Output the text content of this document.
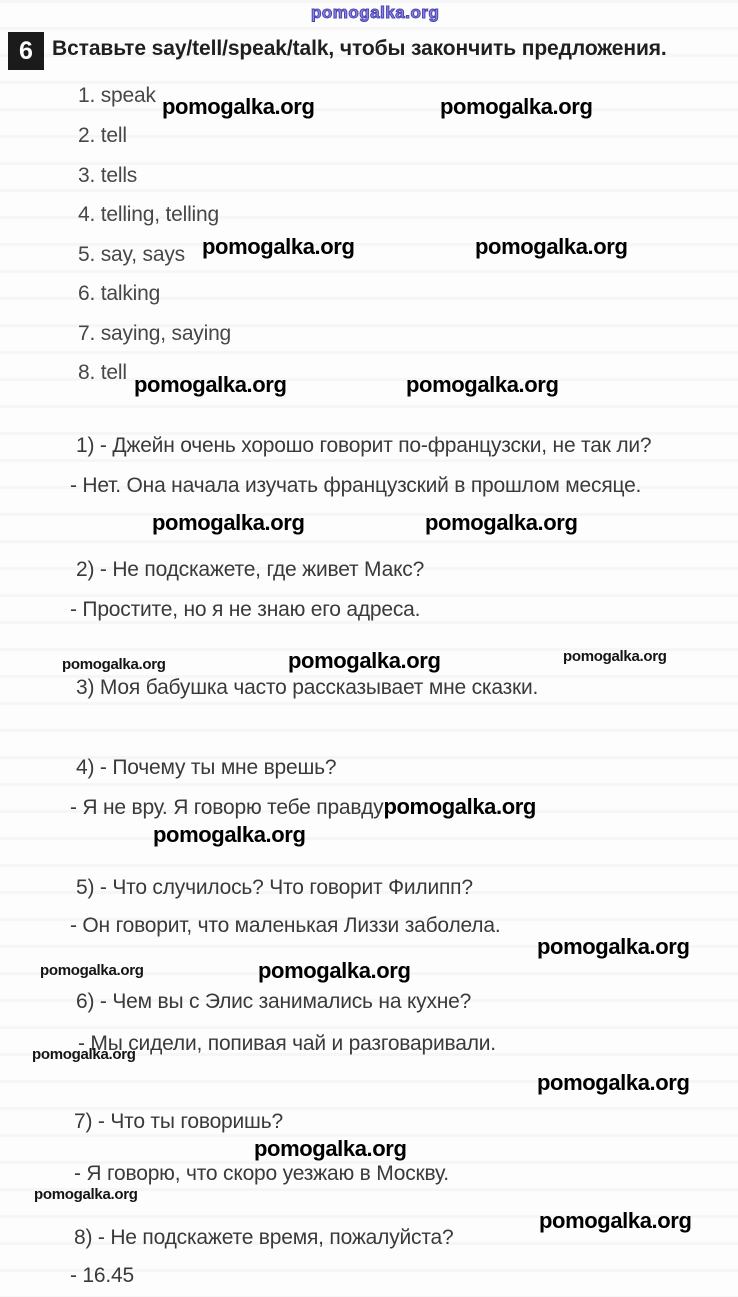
pomogalka.org
6 Вставьте say/tell/speak/talk, чтобы закончить предложения.
1. speak
2. tell
3. tells
4. telling, telling
5. say, says
6. talking
7. saying, saying
8. tell
pomogalka.org	pomogalka.org
pomogalka.org	pomogalka.org
pomogalka.org	pomogalka.org
1) - Джейн очень хорошо говорит по-французски, не так ли?
- Нет. Она начала изучать французский в прошлом месяце.
pomogalka.org	pomogalka.org
2) - Не подскажете, где живет Макс?
- Простите, но я не знаю его адреса.
pomogalka.org	pomogalka.org	pomogalka.org
3) Моя бабушка часто рассказывает мне сказки.
4) - Почему ты мне врешь?
- Я не вру. Я говорю тебе правдуpomogalka.org
pomogalka.org
5) - Что случилось? Что говорит Филипп?
- Он говорит, что маленькая Лиззи заболела.
pomogalka.org
pomogalka.org	pomogalka.org
6) - Чем вы с Элис занимались на кухне?
- Мы сидели, попивая чай и разговаривали.
pomogalka.org
pomogalka.org
7) - Что ты говоришь?
pomogalka.org
- Я говорю, что скоро уезжаю в Москву.
pomogalka.org
pomogalka.org
8) - Не подскажете время, пожалуйста?
- 16.45
